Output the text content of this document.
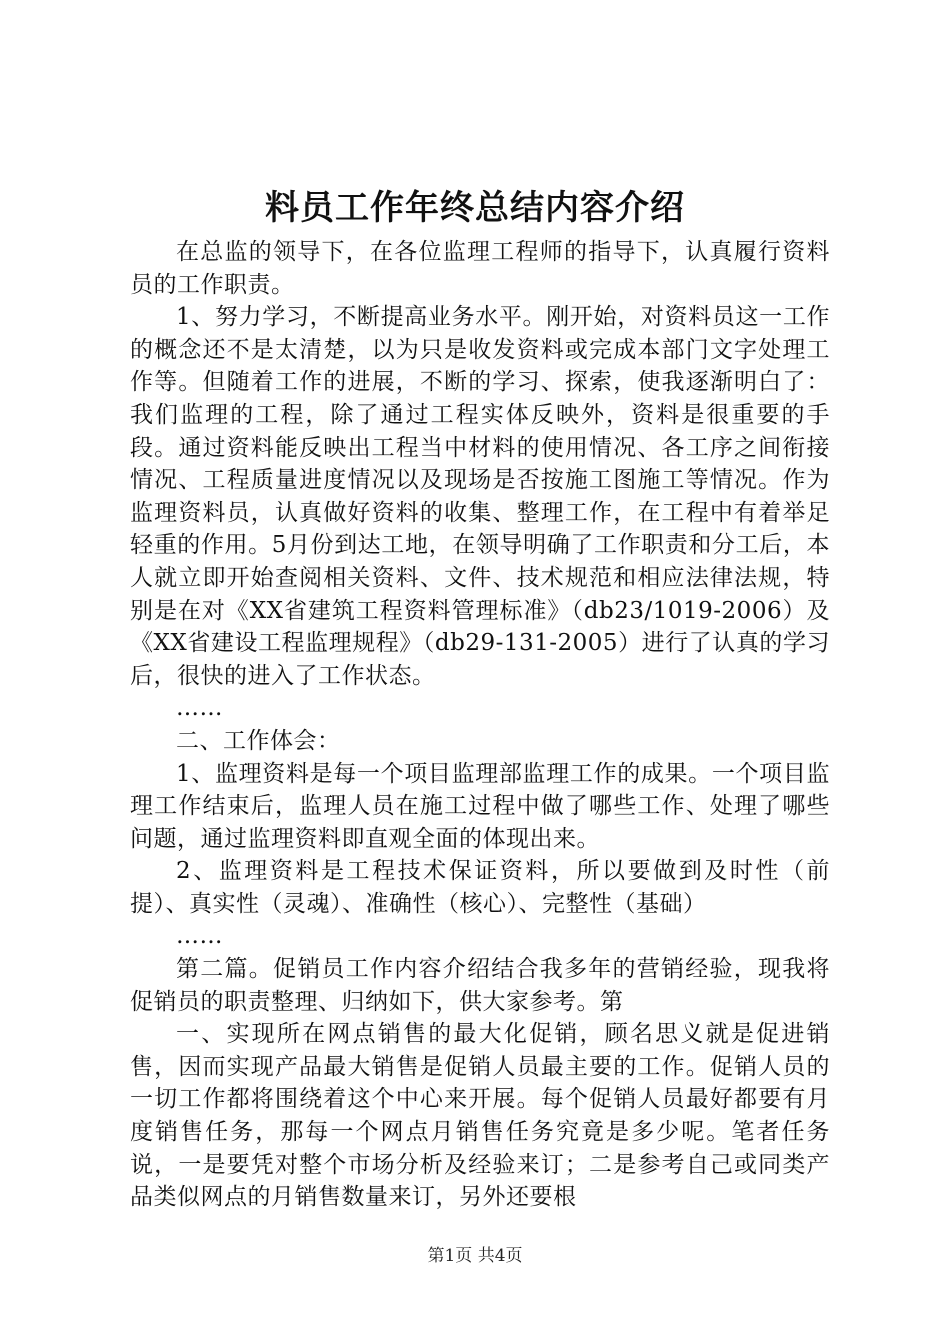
料员工作年终总结内容介绍

在总监的领导下，在各位监理工程师的指导下，认真履行资料员的工作职责。

1、努力学习，不断提高业务水平。刚开始，对资料员这一工作的概念还不是太清楚，以为只是收发资料或完成本部门文字处理工作等。但随着工作的进展，不断的学习、探索，使我逐渐明白了：我们监理的工程，除了通过工程实体反映外，资料是很重要的手段。通过资料能反映出工程当中材料的使用情况、各工序之间衔接情况、工程质量进度情况以及现场是否按施工图施工等情况。作为监理资料员，认真做好资料的收集、整理工作，在工程中有着举足轻重的作用。5月份到达工地，在领导明确了工作职责和分工后，本人就立即开始查阅相关资料、文件、技术规范和相应法律法规，特别是在对《XX省建筑工程资料管理标准》（db23/1019-2006）及《XX省建设工程监理规程》（db29-131-2005）进行了认真的学习后，很快的进入了工作状态。

……

二、工作体会：

1、监理资料是每一个项目监理部监理工作的成果。一个项目监理工作结束后，监理人员在施工过程中做了哪些工作、处理了哪些问题，通过监理资料即直观全面的体现出来。

2、监理资料是工程技术保证资料，所以要做到及时性（前提）、真实性（灵魂）、准确性（核心）、完整性（基础）

……

第二篇。促销员工作内容介绍结合我多年的营销经验，现我将促销员的职责整理、归纳如下，供大家参考。第

一、实现所在网点销售的最大化促销，顾名思义就是促进销售，因而实现产品最大销售是促销人员最主要的工作。促销人员的一切工作都将围绕着这个中心来开展。每个促销人员最好都要有月度销售任务，那每一个网点月销售任务究竟是多少呢。笔者任务说，一是要凭对整个市场分析及经验来订；二是参考自己或同类产品类似网点的月销售数量来订，另外还要根

第1页 共4页
